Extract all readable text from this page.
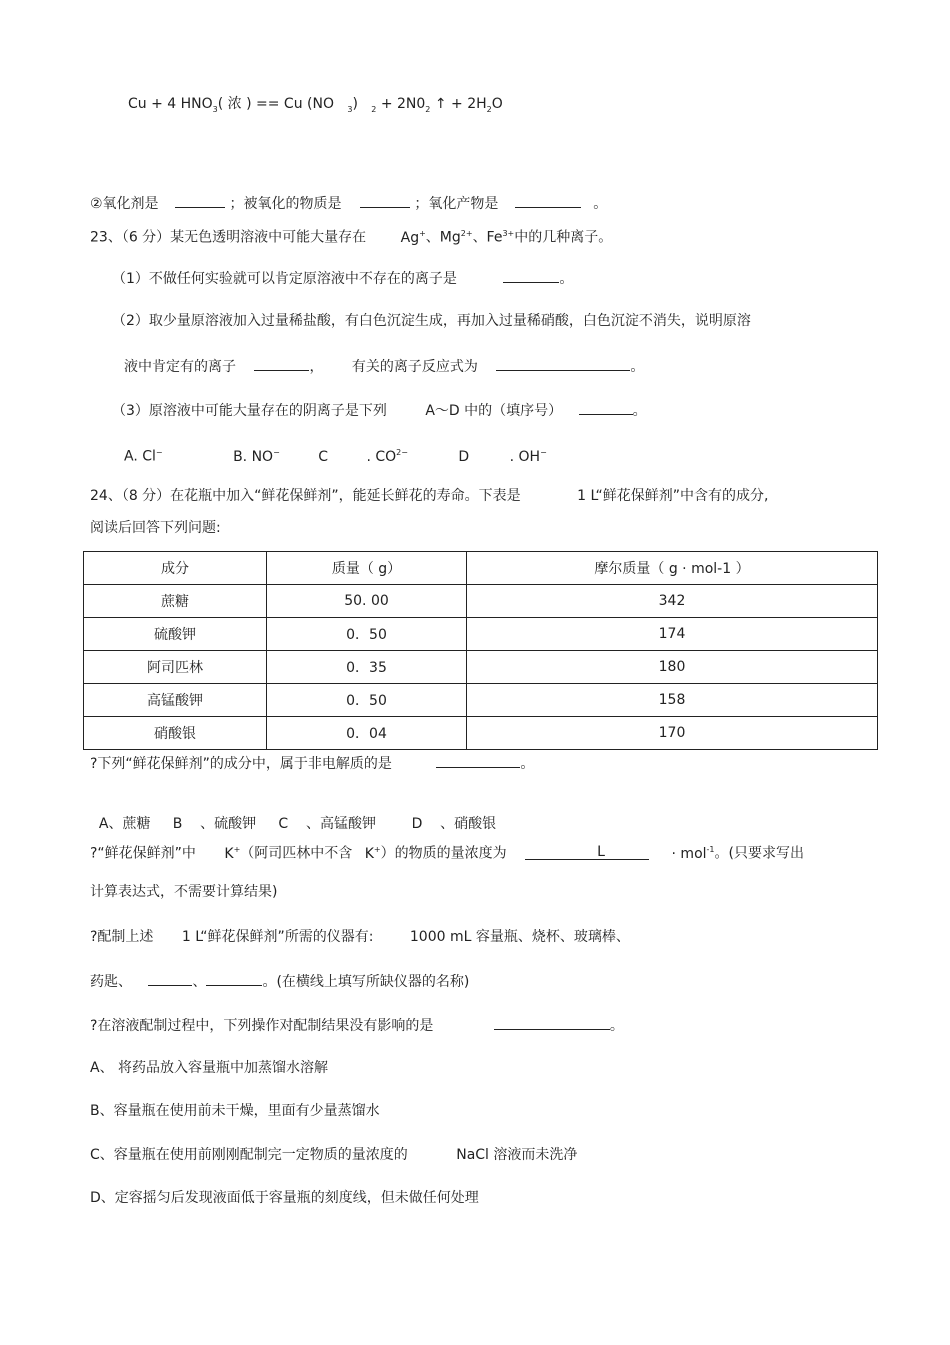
Cu + 4 $HNO_3$( 浓 ) == Cu (NO $_3$) $_2 + 2N0_2$ ↑ + $2H_2O$
②氧化剂是	；被氧化的物质是	；氧化产物是	。
23、（6 分）某无色透明溶液中可能大量存在 Ag+、$Mg^{2+}$、$Fe^{3+}$中的几种离子。
（1）不做任何实验就可以肯定原溶液中不存在的离子是	。
（2）取少量原溶液加入过量稀盐酸，有白色沉淀生成，再加入过量稀硝酸，白色沉淀不消失，说明原溶
液中肯定有的离子	， 有关的离子反应式为	。
（3）原溶液中可能大量存在的阴离子是下列	A～D 中的（填序号）	。
A. Cl−	B. NO−	C	. $CO^{2-}$	D	. OH−
24、（8 分）在花瓶中加入“鲜花保鲜剂”，能延长鲜花的寿命。下表是	1 L“鲜花保鲜剂”中含有的成分,
阅读后回答下列问题:
成分	质量（ g）	摩尔质量（ g · mol-1 ）
蔗糖	50. 00	342
硫酸钾	0．50	174
阿司匹林	0．35	180
高锰酸钾	0．50	158
硝酸银	0．04	170
?下列“鲜花保鲜剂”的成分中，属于非电解质的是	。

A、蔗糖     B    、硫酸钾     C    、高锰酸钾        D    、硝酸银

?“鲜花保鲜剂”中 K+（阿司匹林中不含 K+）的物质的量浓度为	L	· mol$^{-1}$。(只要求写出
计算表达式，不需要计算结果)
?配制上述 1 L“鲜花保鲜剂”所需的仪器有:	1000 mL 容量瓶、烧杯、玻璃棒、
药匙、	、	。(在横线上填写所缺仪器的名称)
?在溶液配制过程中，下列操作对配制结果没有影响的是	。
A、 将药品放入容量瓶中加蒸馏水溶解
B、容量瓶在使用前未干燥，里面有少量蒸馏水
C、容量瓶在使用前刚刚配制完一定物质的量浓度的	NaCl 溶液而未洗净
D、定容摇匀后发现液面低于容量瓶的刻度线，但未做任何处理
